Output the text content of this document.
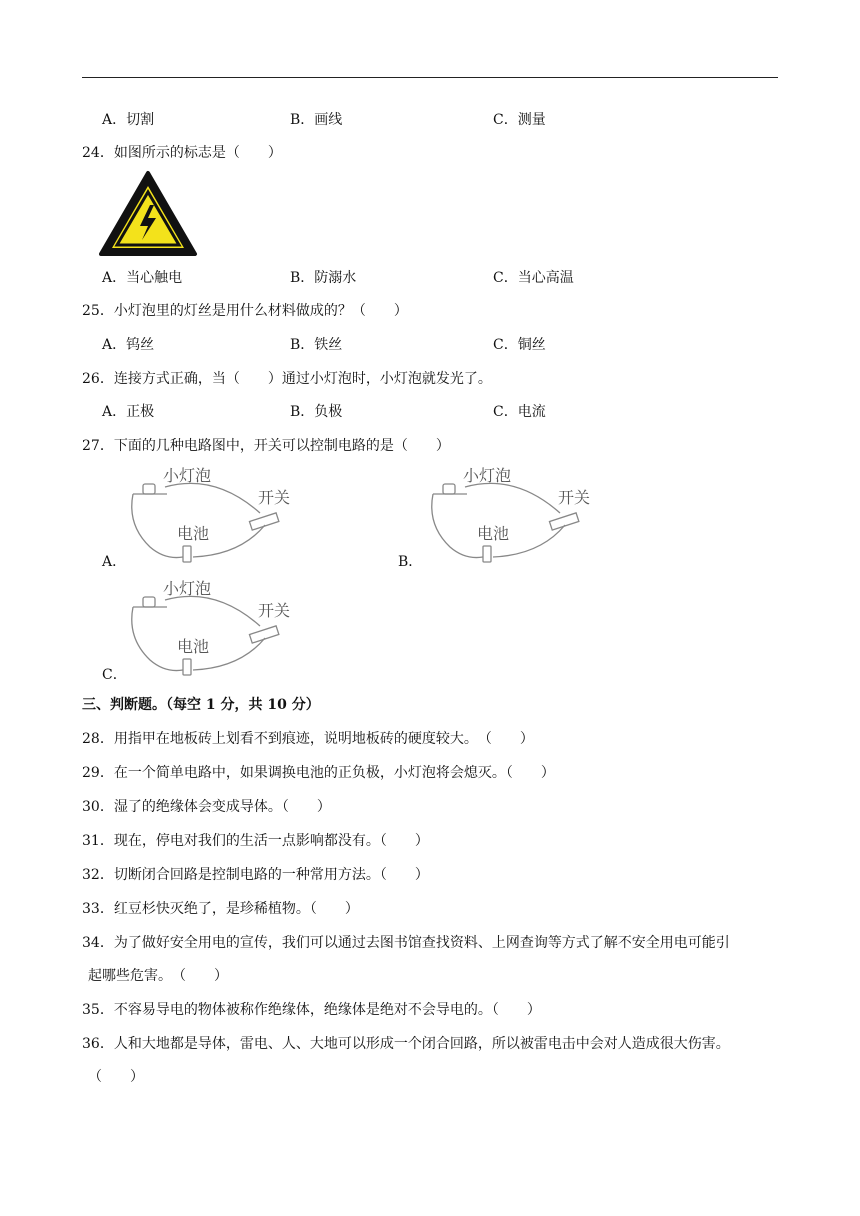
A．切割	B．画线	C．测量
24．如图所示的标志是（　　）
A．当心触电	B．防溺水	C．当心高温
25．小灯泡里的灯丝是用什么材料做成的？（　　）
A．钨丝	B．铁丝	C．铜丝
26．连接方式正确，当（　　）通过小灯泡时，小灯泡就发光了。
A．正极	B．负极	C．电流
27．下面的几种电路图中，开关可以控制电路的是（　　）
小灯泡
开关
电池
A．
小灯泡
开关
电池
B．
小灯泡
开关
电池
C．
三、判断题。（每空 1 分，共 10 分）
28．用指甲在地板砖上划看不到痕迹，说明地板砖的硬度较大。　（　　）
29．在一个简单电路中，如果调换电池的正负极，小灯泡将会熄灭。（　　）
30．湿了的绝缘体会变成导体。（　　）
31．现在，停电对我们的生活一点影响都没有。（　　）
32．切断闭合回路是控制电路的一种常用方法。（　　）
33．红豆杉快灭绝了，是珍稀植物。（　　）
34．为了做好安全用电的宣传，我们可以通过去图书馆查找资料、上网查询等方式了解不安全用电可能引
起哪些危害。　（　　）
35．不容易导电的物体被称作绝缘体，绝缘体是绝对不会导电的。（　　）
36．人和大地都是导体，雷电、人、大地可以形成一个闭合回路，所以被雷电击中会对人造成很大伤害。
（　　）
